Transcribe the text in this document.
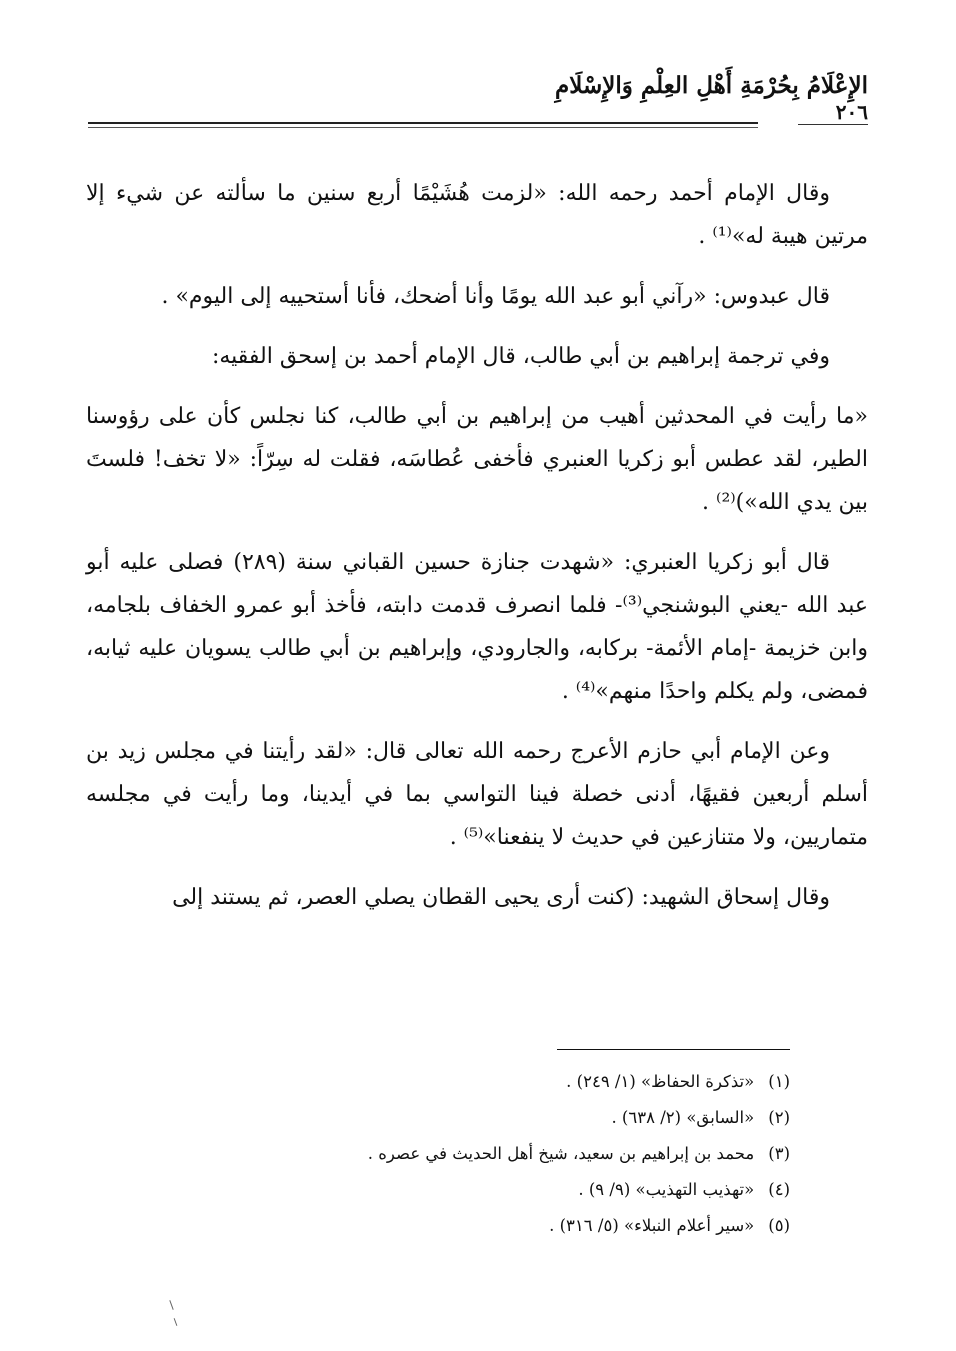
الإِعْلَامُ بِحُرْمَةِ أَهْلِ العِلْمِ وَالإِسْلَامِ
٢٠٦

وقال الإمام أحمد رحمه الله: «لزمت هُشَيْمًا أربع سنين ما سألته عن شيء إلا مرتين هيبة له»⁽¹⁾ .

قال عبدوس: «رآني أبو عبد الله يومًا وأنا أضحك، فأنا أستحييه إلى اليوم» .

وفي ترجمة إبراهيم بن أبي طالب، قال الإمام أحمد بن إسحق الفقيه:

«ما رأيت في المحدثين أهيب من إبراهيم بن أبي طالب، كنا نجلس كأن على رؤوسنا الطير، لقد عطس أبو زكريا العنبري فأخفى عُطاسَه، فقلت له سِرّاً: «لا تخف! فلستَ بين يدي الله»)⁽²⁾ .

قال أبو زكريا العنبري: «شهدت جنازة حسين القباني سنة (٢٨٩) فصلى عليه أبو عبد الله -يعني البوشنجي⁽³⁾- فلما انصرف قدمت دابته، فأخذ أبو عمرو الخفاف بلجامه، وابن خزيمة -إمام الأئمة- بركابه، والجارودي، وإبراهيم بن أبي طالب يسويان عليه ثيابه، فمضى، ولم يكلم واحدًا منهم»⁽⁴⁾ .

وعن الإمام أبي حازم الأعرج رحمه الله تعالى قال: «لقد رأيتنا في مجلس زيد بن أسلم أربعين فقيهًا، أدنى خصلة فينا التواسي بما في أيدينا، وما رأيت في مجلسه متماريين، ولا متنازعين في حديث لا ينفعنا»⁽⁵⁾ .

وقال إسحاق الشهيد: (كنت أرى يحيى القطان يصلي العصر، ثم يستند إلى

(١)«تذكرة الحفاظ» (١/ ٢٤٩) .
(٢)«السابق» (٢/ ٦٣٨) .
(٣)محمد بن إبراهيم بن سعيد، شيخ أهل الحديث في عصره .
(٤)«تهذيب التهذيب» (٩/ ٩) .
(٥)«سير أعلام النبلاء» (٥/ ٣١٦) .
